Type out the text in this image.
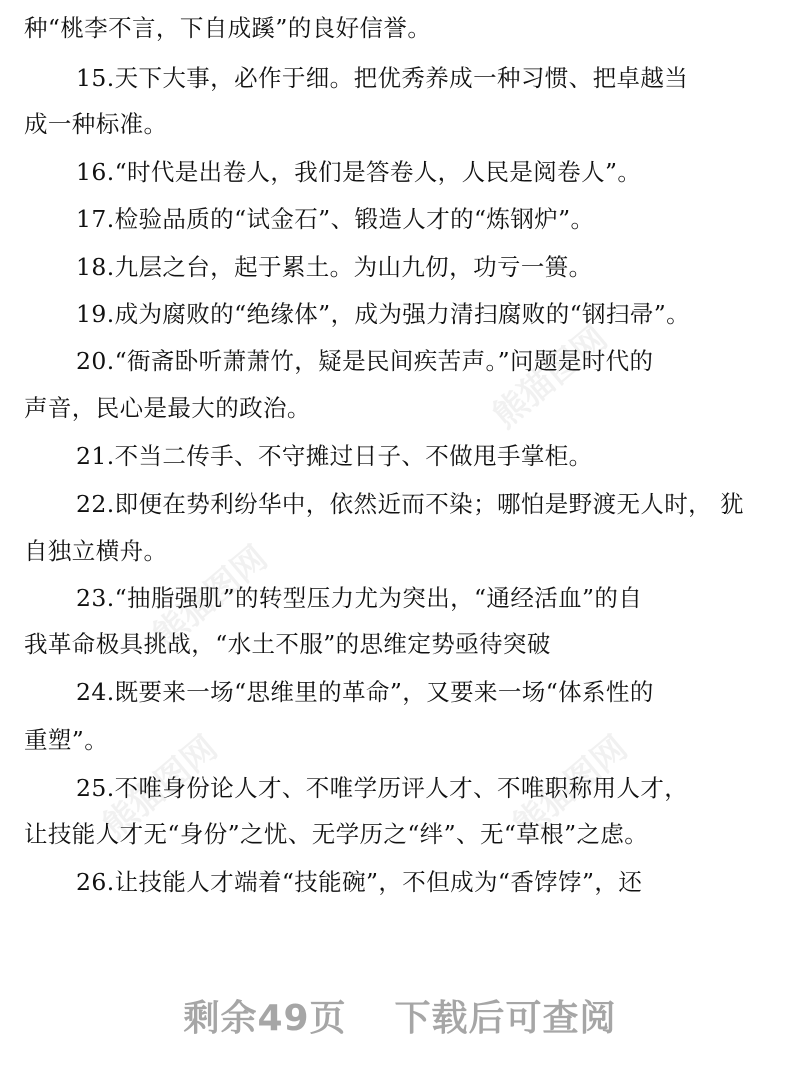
熊猫图网
熊猫图网
熊猫图网	熊猫图网
种“桃李不言，下自成蹊”的良好信誉。
15.天下大事，必作于细。把优秀养成一种习惯、把卓越当
成一种标准。
16.“时代是出卷人，我们是答卷人，人民是阅卷人”。
17.检验品质的“试金石”、锻造人才的“炼钢炉”。
18.九层之台，起于累土。为山九仞，功亏一篑。
19.成为腐败的“绝缘体”，成为强力清扫腐败的“钢扫帚”。
20.“衙斋卧听萧萧竹，疑是民间疾苦声。”问题是时代的
声音，民心是最大的政治。
21.不当二传手、不守摊过日子、不做甩手掌柜。
22.即便在势利纷华中，依然近而不染；哪怕是野渡无人时， 犹
自独立横舟。
23.“抽脂强肌”的转型压力尤为突出，“通经活血”的自
我革命极具挑战，“水土不服”的思维定势亟待突破
24.既要来一场“思维里的革命”，又要来一场“体系性的
重塑”。
25.不唯身份论人才、不唯学历评人才、不唯职称用人才，
让技能人才无“身份”之忧、无学历之“绊”、无“草根”之虑。
26.让技能人才端着“技能碗”，不但成为“香饽饽”，还
剩余49页 下载后可查阅
